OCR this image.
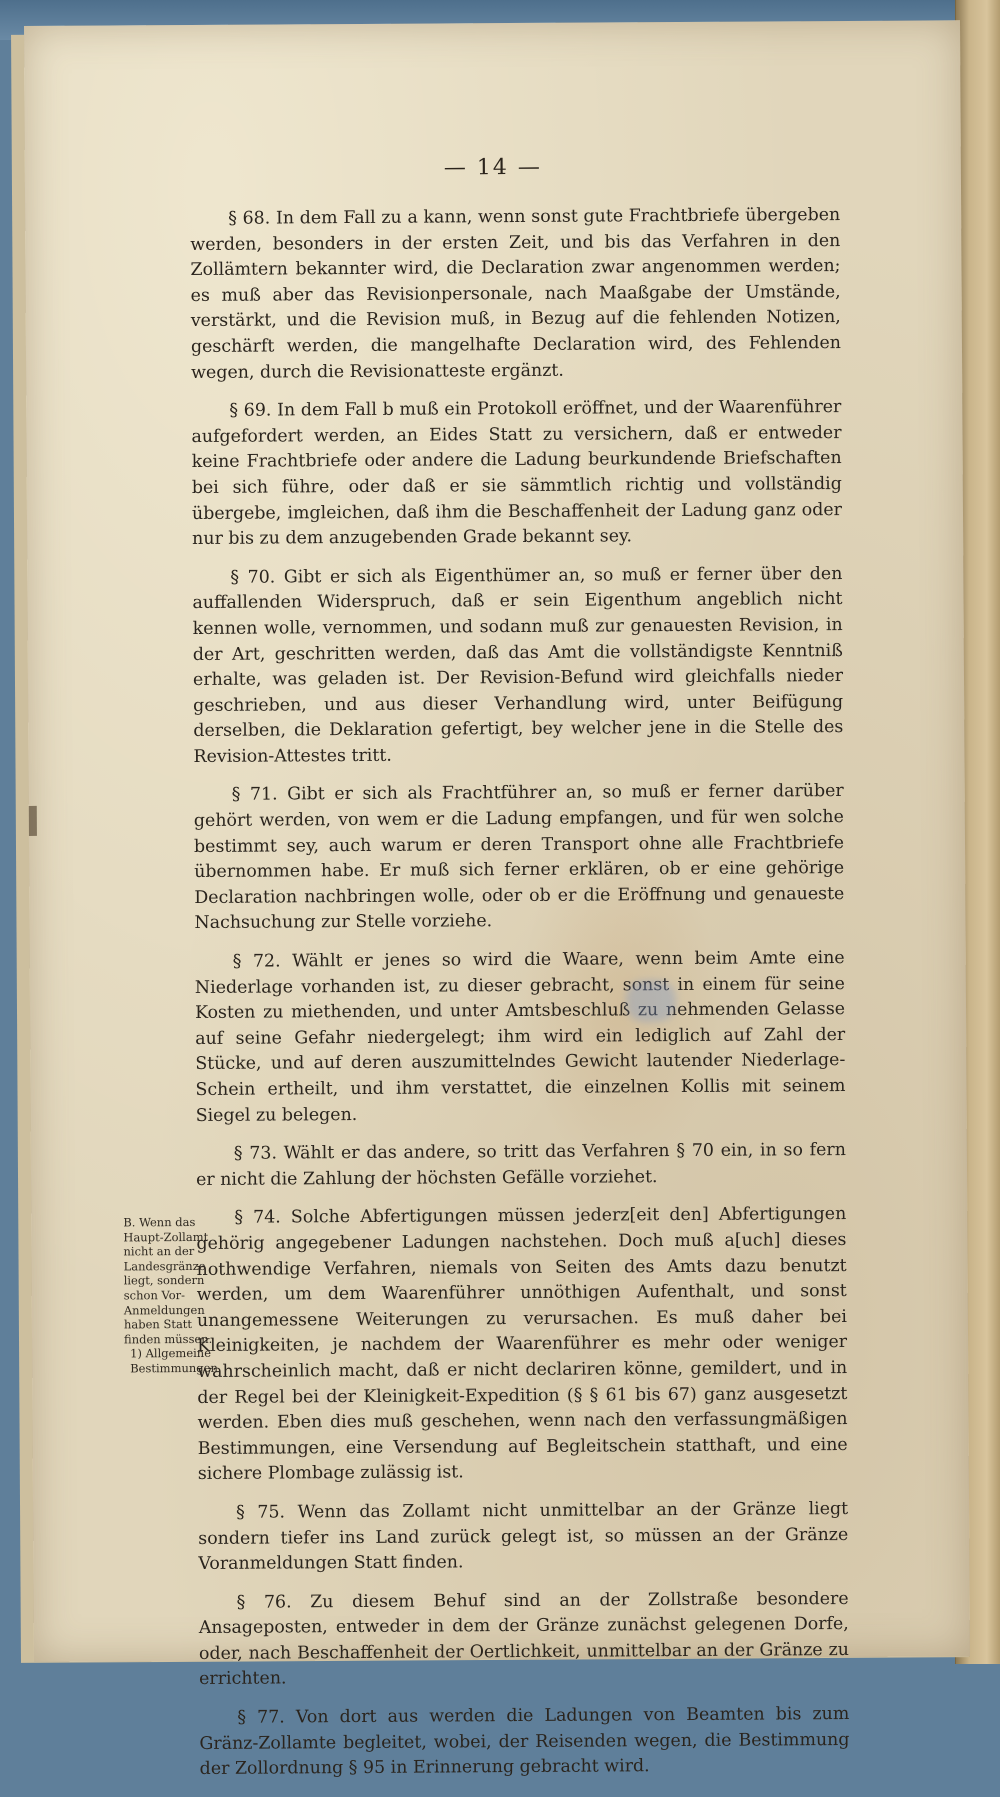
— 14 —

§ 68. In dem Fall zu a kann, wenn sonst gute Frachtbriefe übergeben werden, besonders in der ersten Zeit, und bis das Verfahren in den Zollämtern bekannter wird, die Declaration zwar angenommen werden; es muß aber das Revisionpersonale, nach Maaßgabe der Umstände, verstärkt, und die Revision muß, in Bezug auf die fehlenden Notizen, geschärft werden, die mangelhafte Declaration wird, des Fehlenden wegen, durch die Revisionatteste ergänzt.

§ 69. In dem Fall b muß ein Protokoll eröffnet, und der Waarenführer aufgefordert werden, an Eides Statt zu versichern, daß er entweder keine Frachtbriefe oder andere die Ladung beurkundende Briefschaften bei sich führe, oder daß er sie sämmtlich richtig und vollständig übergebe, imgleichen, daß ihm die Beschaffenheit der Ladung ganz oder nur bis zu dem anzugebenden Grade bekannt sey.

§ 70. Gibt er sich als Eigenthümer an, so muß er ferner über den auffallenden Widerspruch, daß er sein Eigenthum angeblich nicht kennen wolle, vernommen, und sodann muß zur genauesten Revision, in der Art, geschritten werden, daß das Amt die vollständigste Kenntniß erhalte, was geladen ist. Der Revision-Befund wird gleichfalls nieder geschrieben, und aus dieser Verhandlung wird, unter Beifügung derselben, die Deklaration gefertigt, bey welcher jene in die Stelle des Revision-Attestes tritt.

§ 71. Gibt er sich als Frachtführer an, so muß er ferner darüber gehört werden, von wem er die Ladung empfangen, und für wen solche bestimmt sey, auch warum er deren Transport ohne alle Frachtbriefe übernommen habe. Er muß sich ferner erklären, ob er eine gehörige Declaration nachbringen wolle, oder ob er die Eröffnung und genaueste Nachsuchung zur Stelle vorziehe.

§ 72. Wählt er jenes so wird die Waare, wenn beim Amte eine Niederlage vorhanden ist, zu dieser gebracht, sonst in einem für seine Kosten zu miethenden, und unter Amtsbeschluß zu nehmenden Gelasse auf seine Gefahr niedergelegt; ihm wird ein lediglich auf Zahl der Stücke, und auf deren auszumittelndes Gewicht lautender Niederlage-Schein ertheilt, und ihm verstattet, die einzelnen Kollis mit seinem Siegel zu belegen.

§ 73. Wählt er das andere, so tritt das Verfahren § 70 ein, in so fern er nicht die Zahlung der höchsten Gefälle vorziehet.

§ 74. Solche Abfertigungen müssen jederz[eit den] Abfertigungen gehörig angegebener Ladungen nachstehen. Doch muß a[uch] dieses nothwendige Verfahren, niemals von Seiten des Amts dazu benutzt werden, um dem Waarenführer unnöthigen Aufenthalt, und sonst unangemessene Weiterungen zu verursachen. Es muß daher bei Kleinigkeiten, je nachdem der Waarenführer es mehr oder weniger wahrscheinlich macht, daß er nicht declariren könne, gemildert, und in der Regel bei der Kleinigkeit-Expedition (§ § 61 bis 67) ganz ausgesetzt werden. Eben dies muß geschehen, wenn nach den verfassungmäßigen Bestimmungen, eine Versendung auf Begleitschein statthaft, und eine sichere Plombage zulässig ist.

§ 75. Wenn das Zollamt nicht unmittelbar an der Gränze liegt sondern tiefer ins Land zurück gelegt ist, so müssen an der Gränze Voranmeldungen Statt finden.

§ 76. Zu diesem Behuf sind an der Zollstraße besondere Ansageposten, entweder in dem der Gränze zunächst gelegenen Dorfe, oder, nach Beschaffenheit der Oertlichkeit, unmittelbar an der Gränze zu errichten.

§ 77. Von dort aus werden die Ladungen von Beamten bis zum Gränz-Zollamte begleitet, wobei, der Reisenden wegen, die Bestimmung der Zollordnung § 95 in Erinnerung gebracht wird.

B. Wenn das Haupt-Zollamt nicht an der Landesgränze liegt, sondern schon Vor-Anmeldungen haben Statt finden müssen.
1) Allgemeine Bestimmungen.
